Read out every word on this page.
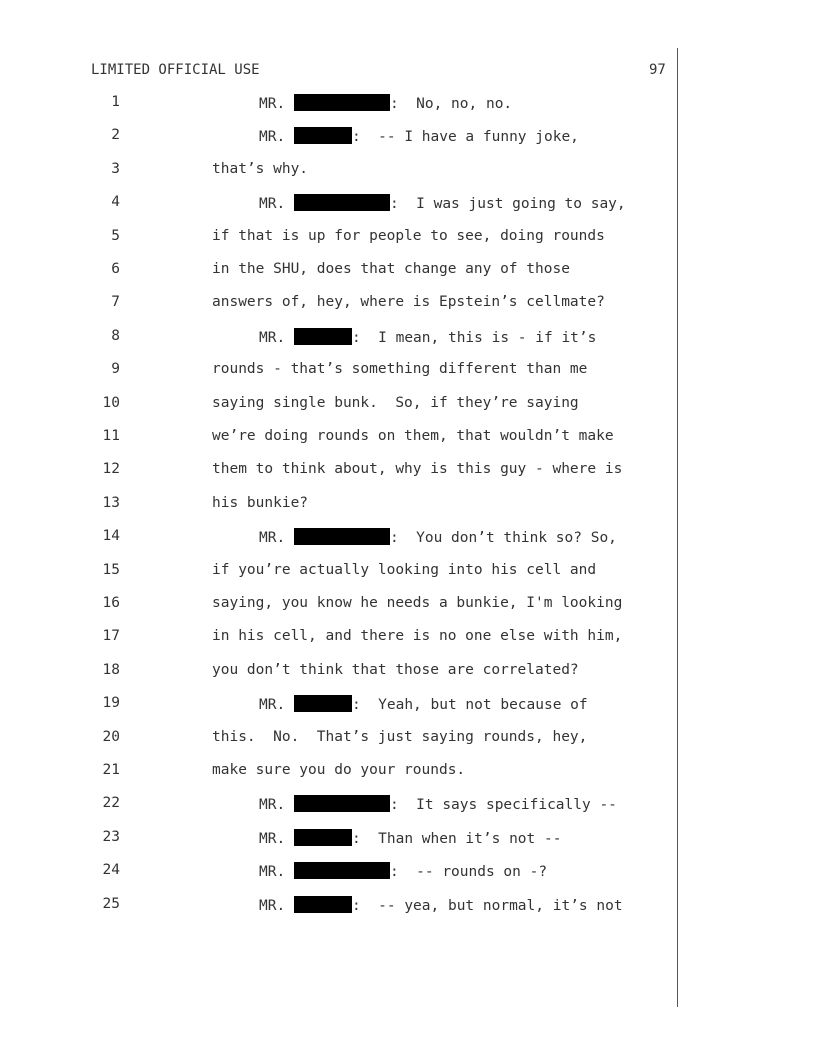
LIMITED OFFICIAL USE	97
1	MR.	:  No, no, no.
2	MR.	:  -- I have a funny joke,
3	that’s why.
4	MR.	:  I was just going to say,
5	if that is up for people to see, doing rounds
6	in the SHU, does that change any of those
7	answers of, hey, where is Epstein’s cellmate?
8	MR.	:  I mean, this is - if it’s
9	rounds - that’s something different than me
10	saying single bunk.  So, if they’re saying
11	we’re doing rounds on them, that wouldn’t make
12	them to think about, why is this guy - where is
13	his bunkie?
14	MR.	:  You don’t think so? So,
15	if you’re actually looking into his cell and
16	saying, you know he needs a bunkie, I'm looking
17	in his cell, and there is no one else with him,
18	you don’t think that those are correlated?
19	MR.	:  Yeah, but not because of
20	this.  No.  That’s just saying rounds, hey,
21	make sure you do your rounds.
22	MR.	:  It says specifically --
23	MR.	:  Than when it’s not --
24	MR.	:  -- rounds on -?
25	MR.	:  -- yea, but normal, it’s not
